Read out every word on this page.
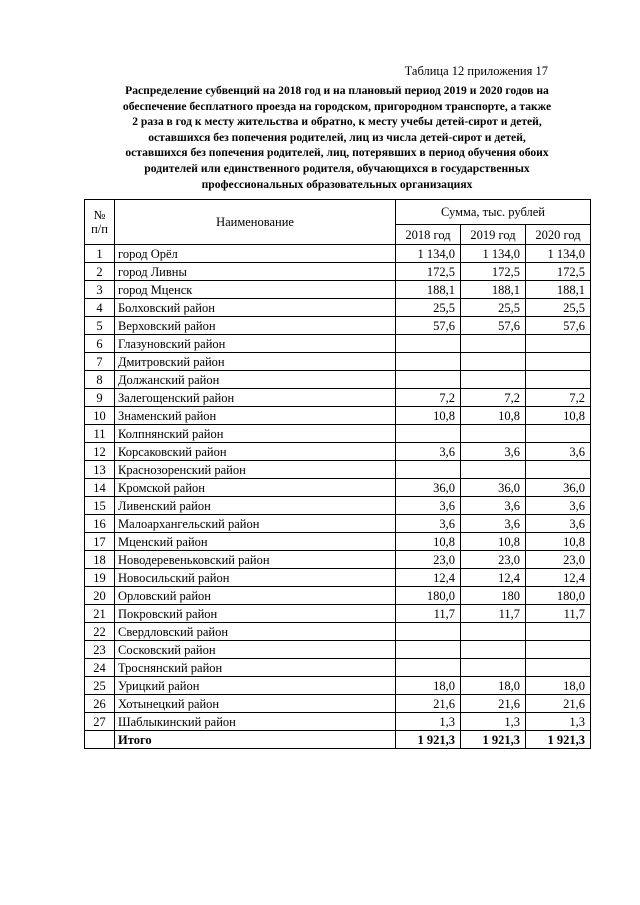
Таблица 12 приложения 17
Распределение субвенций на 2018 год и на плановый период 2019 и 2020 годов на
обеспечение бесплатного проезда на городском, пригородном транспорте, а также
2 раза в год к месту жительства и обратно, к месту учебы детей-сирот и детей,
оставшихся без попечения родителей, лиц из числа детей-сирот и детей,
оставшихся без попечения родителей, лиц, потерявших в период обучения обоих
родителей или единственного родителя, обучающихся в государственных
профессиональных образовательных организациях
№
п/п	Наименование	Сумма, тыс. рублей		
		2018 год	2019 год	2020 год
1	город Орёл	1 134,0	1 134,0	1 134,0
2	город Ливны	172,5	172,5	172,5
3	город Мценск	188,1	188,1	188,1
4	Болховский район	25,5	25,5	25,5
5	Верховский район	57,6	57,6	57,6
6	Глазуновский район			
7	Дмитровский район			
8	Должанский район			
9	Залегощенский район	7,2	7,2	7,2
10	Знаменский район	10,8	10,8	10,8
11	Колпнянский район			
12	Корсаковский район	3,6	3,6	3,6
13	Краснозоренский район			
14	Кромской район	36,0	36,0	36,0
15	Ливенский район	3,6	3,6	3,6
16	Малоархангельский район	3,6	3,6	3,6
17	Мценский район	10,8	10,8	10,8
18	Новодеревеньковский район	23,0	23,0	23,0
19	Новосильский район	12,4	12,4	12,4
20	Орловский район	180,0	180	180,0
21	Покровский район	11,7	11,7	11,7
22	Свердловский район			
23	Сосковский район			
24	Троснянский район			
25	Урицкий район	18,0	18,0	18,0
26	Хотынецкий район	21,6	21,6	21,6
27	Шаблыкинский район	1,3	1,3	1,3
	Итого	1 921,3	1 921,3	1 921,3
